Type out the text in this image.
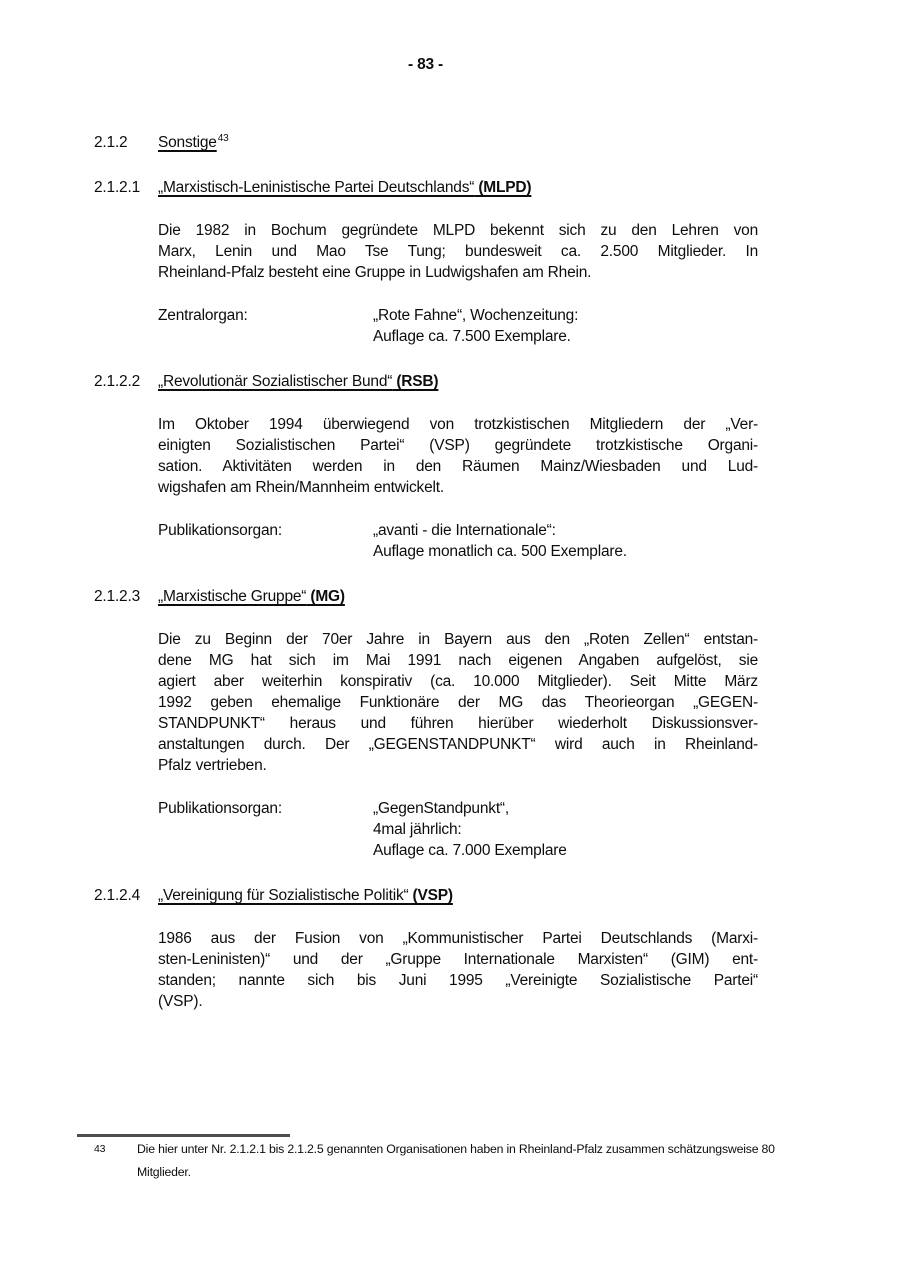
- 83 -
2.1.2	Sonstige$^{43}$
2.1.2.1	„Marxistisch-Leninistische Partei Deutschlands“ (MLPD)
Die 1982 in Bochum gegründete MLPD bekennt sich zu den Lehren von
Marx, Lenin und Mao Tse Tung; bundesweit ca. 2.500 Mitglieder. In
Rheinland-Pfalz besteht eine Gruppe in Ludwigshafen am Rhein.
Zentralorgan:	„Rote Fahne“, Wochenzeitung:
Auflage ca. 7.500 Exemplare.
2.1.2.2	„Revolutionär Sozialistischer Bund“ (RSB)
Im Oktober 1994 überwiegend von trotzkistischen Mitgliedern der „Ver-
einigten Sozialistischen Partei“ (VSP) gegründete trotzkistische Organi-
sation. Aktivitäten werden in den Räumen Mainz/Wiesbaden und Lud-
wigshafen am Rhein/Mannheim entwickelt.
Publikationsorgan:	„avanti - die Internationale“:
Auflage monatlich ca. 500 Exemplare.
2.1.2.3	„Marxistische Gruppe“ (MG)
Die zu Beginn der 70er Jahre in Bayern aus den „Roten Zellen“ entstan-
dene MG hat sich im Mai 1991 nach eigenen Angaben aufgelöst, sie
agiert aber weiterhin konspirativ (ca. 10.000 Mitglieder). Seit Mitte März
1992 geben ehemalige Funktionäre der MG das Theorieorgan „GEGEN-
STANDPUNKT“ heraus und führen hierüber wiederholt Diskussionsver-
anstaltungen durch. Der „GEGENSTANDPUNKT“ wird auch in Rheinland-
Pfalz vertrieben.
Publikationsorgan:	„GegenStandpunkt“,
4mal jährlich:
Auflage ca. 7.000 Exemplare
2.1.2.4	„Vereinigung für Sozialistische Politik“ (VSP)
1986 aus der Fusion von „Kommunistischer Partei Deutschlands (Marxi-
sten-Leninisten)“ und der „Gruppe Internationale Marxisten“ (GIM) ent-
standen; nannte sich bis Juni 1995 „Vereinigte Sozialistische Partei“
(VSP).
43	Die hier unter Nr. 2.1.2.1 bis 2.1.2.5 genannten Organisationen haben in Rheinland-Pfalz zusammen schätzungsweise 80
Mitglieder.
